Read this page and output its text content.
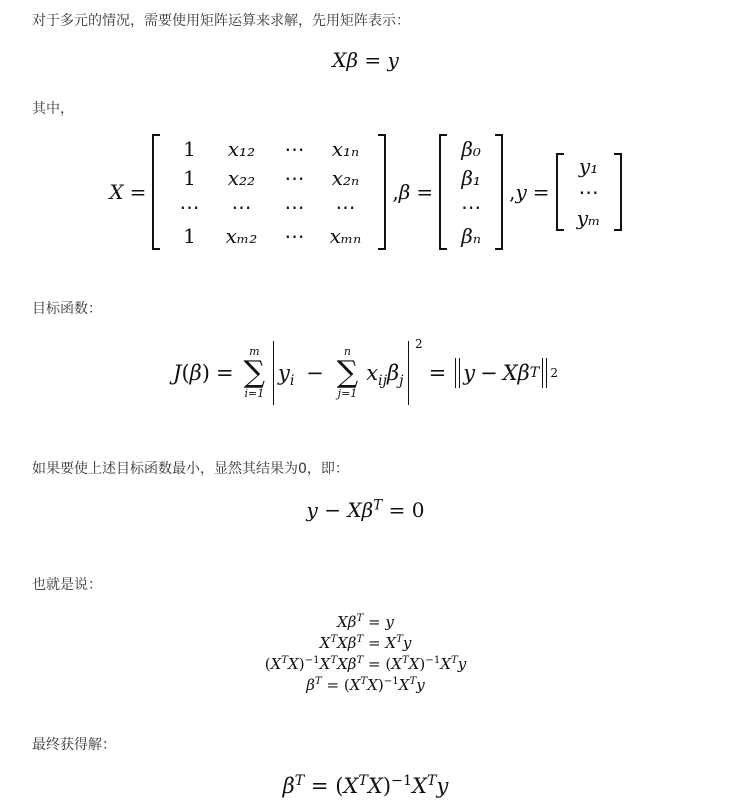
对于多元的情况，需要使用矩阵运算来求解，先用矩阵表示：

Xβ = y

其中，

X =
1 x₁₂ ⋯ x₁ₙ
1 x₂₂ ⋯ x₂ₙ
⋯ ⋯ ⋯ ⋯
1 xₘ₂ ⋯ xₘₙ
, β =
β₀
β₁
⋯
βₙ
, y =
y₁
⋯
yₘ

目标函数：

J ( β ) =
m
∑
i=1
$y_i$ −
n
∑
j=1
$x_{ij}\beta_j$
2
= y − X β T 2

如果要使上述目标函数最小，显然其结果为0，即：

$y - X\beta^T = 0$

也就是说：

$X\beta^T = y$
$X^TX\beta^T = X^Ty$
$(X^TX)^{-1}X^TX\beta^T = (X^TX)^{-1}X^Ty$
$\beta^T = (X^TX)^{-1}X^Ty$

最终获得解：

$\beta^T = (X^TX)^{-1}X^Ty$
